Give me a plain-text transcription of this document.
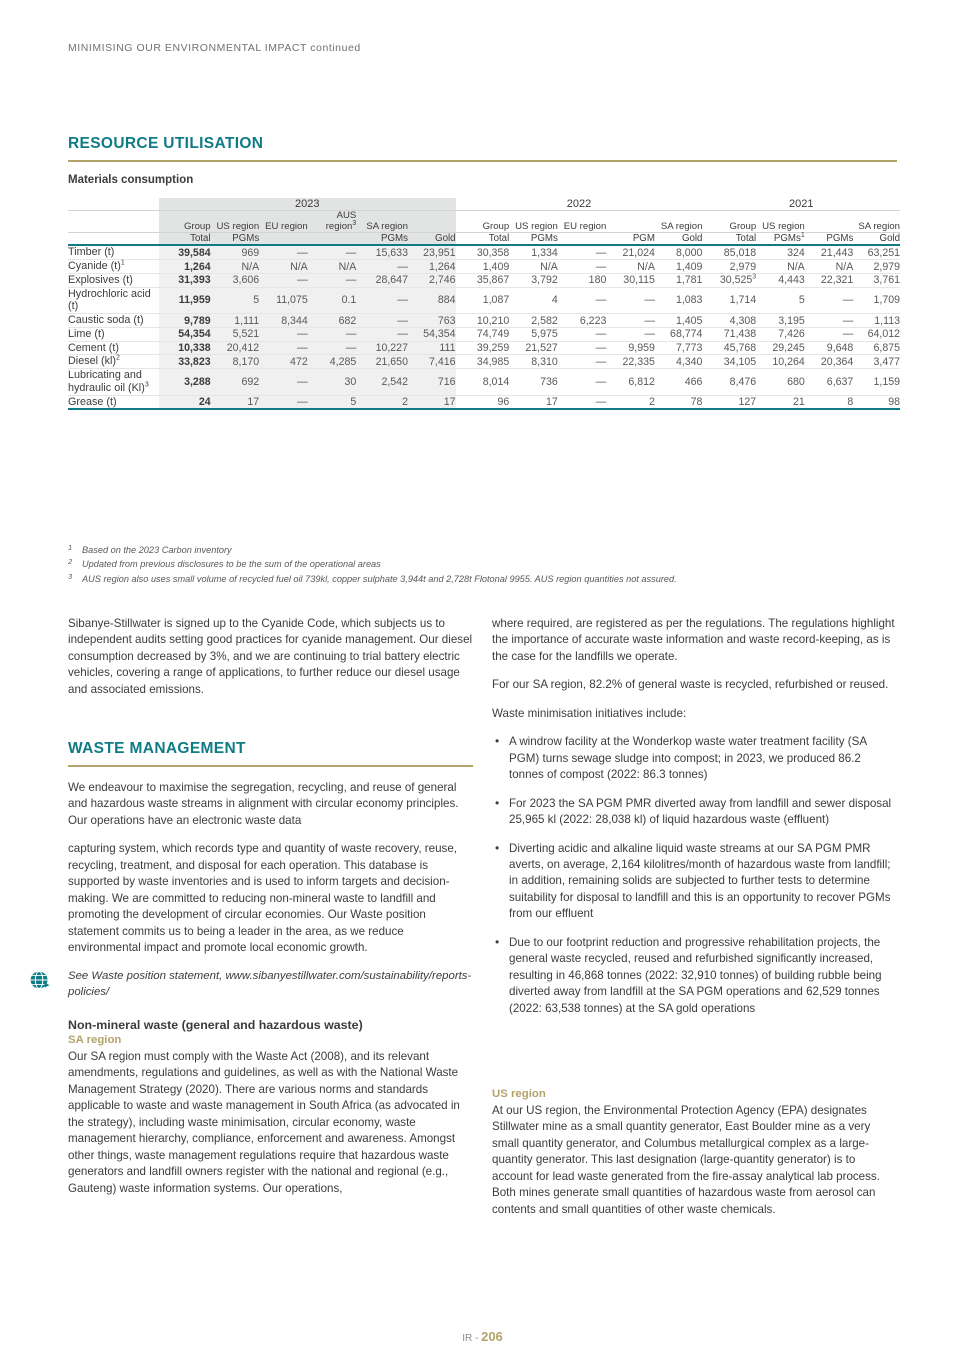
MINIMISING OUR ENVIRONMENTAL IMPACT continued
RESOURCE UTILISATION
Materials consumption
	2023						2022					2021			
	Group	US region	EU region	AUS region$^3$	SA region		Group	US region	EU region		SA region	Group	US region		SA region
	Total	PGMs			PGMs	Gold	Total	PGMs		PGM	Gold	Total	PGMs$^1$	PGMs	Gold

Timber (t)	39,584	969	—	—	15,633	23,951	30,358	1,334	—	21,024	8,000	85,018	324	21,443	63,251
Cyanide $(t)^1$	1,264	N/A	N/A	N/A	—	1,264	1,409	N/A	—	N/A	1,409	2,979	N/A	N/A	2,979
Explosives (t)	31,393	3,606	—	—	28,647	2,746	35,867	3,792	180	30,115	1,781	30,525$^3$	4,443	22,321	3,761
Hydrochloric acid (t)	11,959	5	11,075	0.1	—	884	1,087	4	—	—	1,083	1,714	5	—	1,709
Caustic soda (t)	9,789	1,111	8,344	682	—	763	10,210	2,582	6,223	—	1,405	4,308	3,195	—	1,113
Lime (t)	54,354	5,521	—	—	—	54,354	74,749	5,975	—	—	68,774	71,438	7,426	—	64,012
Cement (t)	10,338	20,412	—	—	10,227	111	39,259	21,527	—	9,959	7,773	45,768	29,245	9,648	6,875
Diesel (kl)$^2$	33,823	8,170	472	4,285	21,650	7,416	34,985	8,310	—	22,335	4,340	34,105	10,264	20,364	3,477
Lubricating and hydraulic oil $(Kl)^3$	3,288	692	—	30	2,542	716	8,014	736	—	6,812	466	8,476	680	6,637	1,159
Grease (t)	24	17	—	5	2	17	96	17	—	2	78	127	21	8	98
1 Based on the 2023 Carbon inventory
2 Updated from previous disclosures to be the sum of the operational areas
3 AUS region also uses small volume of recycled fuel oil 739kl, copper sulphate 3,944t and 2,728t Flotonal 9955. AUS region quantities not assured.

Sibanye-Stillwater is signed up to the Cyanide Code, which subjects us to independent audits setting good practices for cyanide management. Our diesel consumption decreased by 3%, and we are continuing to trial battery electric vehicles, covering a range of applications, to further reduce our diesel usage and associated emissions.

WASTE MANAGEMENT

We endeavour to maximise the segregation, recycling, and reuse of general and hazardous waste streams in alignment with circular economy principles. Our operations have an electronic waste data

capturing system, which records type and quantity of waste recovery, reuse, recycling, treatment, and disposal for each operation. This database is supported by waste inventories and is used to inform targets and decision-making. We are committed to reducing non-mineral waste to landfill and promoting the development of circular economies. Our Waste position statement commits us to being a leader in the area, as we reduce environmental impact and promote local economic growth.

See Waste position statement, www.sibanyestillwater.com/sustainability/reports-policies/
Non-mineral waste (general and hazardous waste)
SA region

Our SA region must comply with the Waste Act (2008), and its relevant amendments, regulations and guidelines, as well as with the National Waste Management Strategy (2020). There are various norms and standards applicable to waste and waste management in South Africa (as advocated in the strategy), including waste minimisation, circular economy, waste management hierarchy, compliance, enforcement and awareness. Amongst other things, waste management regulations require that hazardous waste generators and landfill owners register with the national and regional (e.g., Gauteng) waste information systems. Our operations,

where required, are registered as per the regulations. The regulations highlight the importance of accurate waste information and waste record-keeping, as is the case for the landfills we operate.

For our SA region, 82.2% of general waste is recycled, refurbished or reused.

Waste minimisation initiatives include:

• A windrow facility at the Wonderkop waste water treatment facility (SA PGM) turns sewage sludge into compost; in 2023, we produced 86.2 tonnes of compost (2022: 86.3 tonnes)
• For 2023 the SA PGM PMR diverted away from landfill and sewer disposal 25,965 kl (2022: 28,038 kl) of liquid hazardous waste (effluent)
• Diverting acidic and alkaline liquid waste streams at our SA PGM PMR averts, on average, 2,164 kilolitres/month of hazardous waste from landfill; in addition, remaining solids are subjected to further tests to determine suitability for disposal to landfill and this is an opportunity to recover PGMs from our effluent
• Due to our footprint reduction and progressive rehabilitation projects, the general waste recycled, reused and refurbished significantly increased, resulting in 46,868 tonnes (2022: 32,910 tonnes) of building rubble being diverted away from landfill at the SA PGM operations and 62,529 tonnes (2022: 63,538 tonnes) at the SA gold operations
US region

At our US region, the Environmental Protection Agency (EPA) designates Stillwater mine as a small quantity generator, East Boulder mine as a very small quantity generator, and Columbus metallurgical complex as a large-quantity generator. This last designation (large-quantity generator) is to account for lead waste generated from the fire-assay analytical lab process. Both mines generate small quantities of hazardous waste from aerosol can contents and small quantities of other waste chemicals.

IR - 206
